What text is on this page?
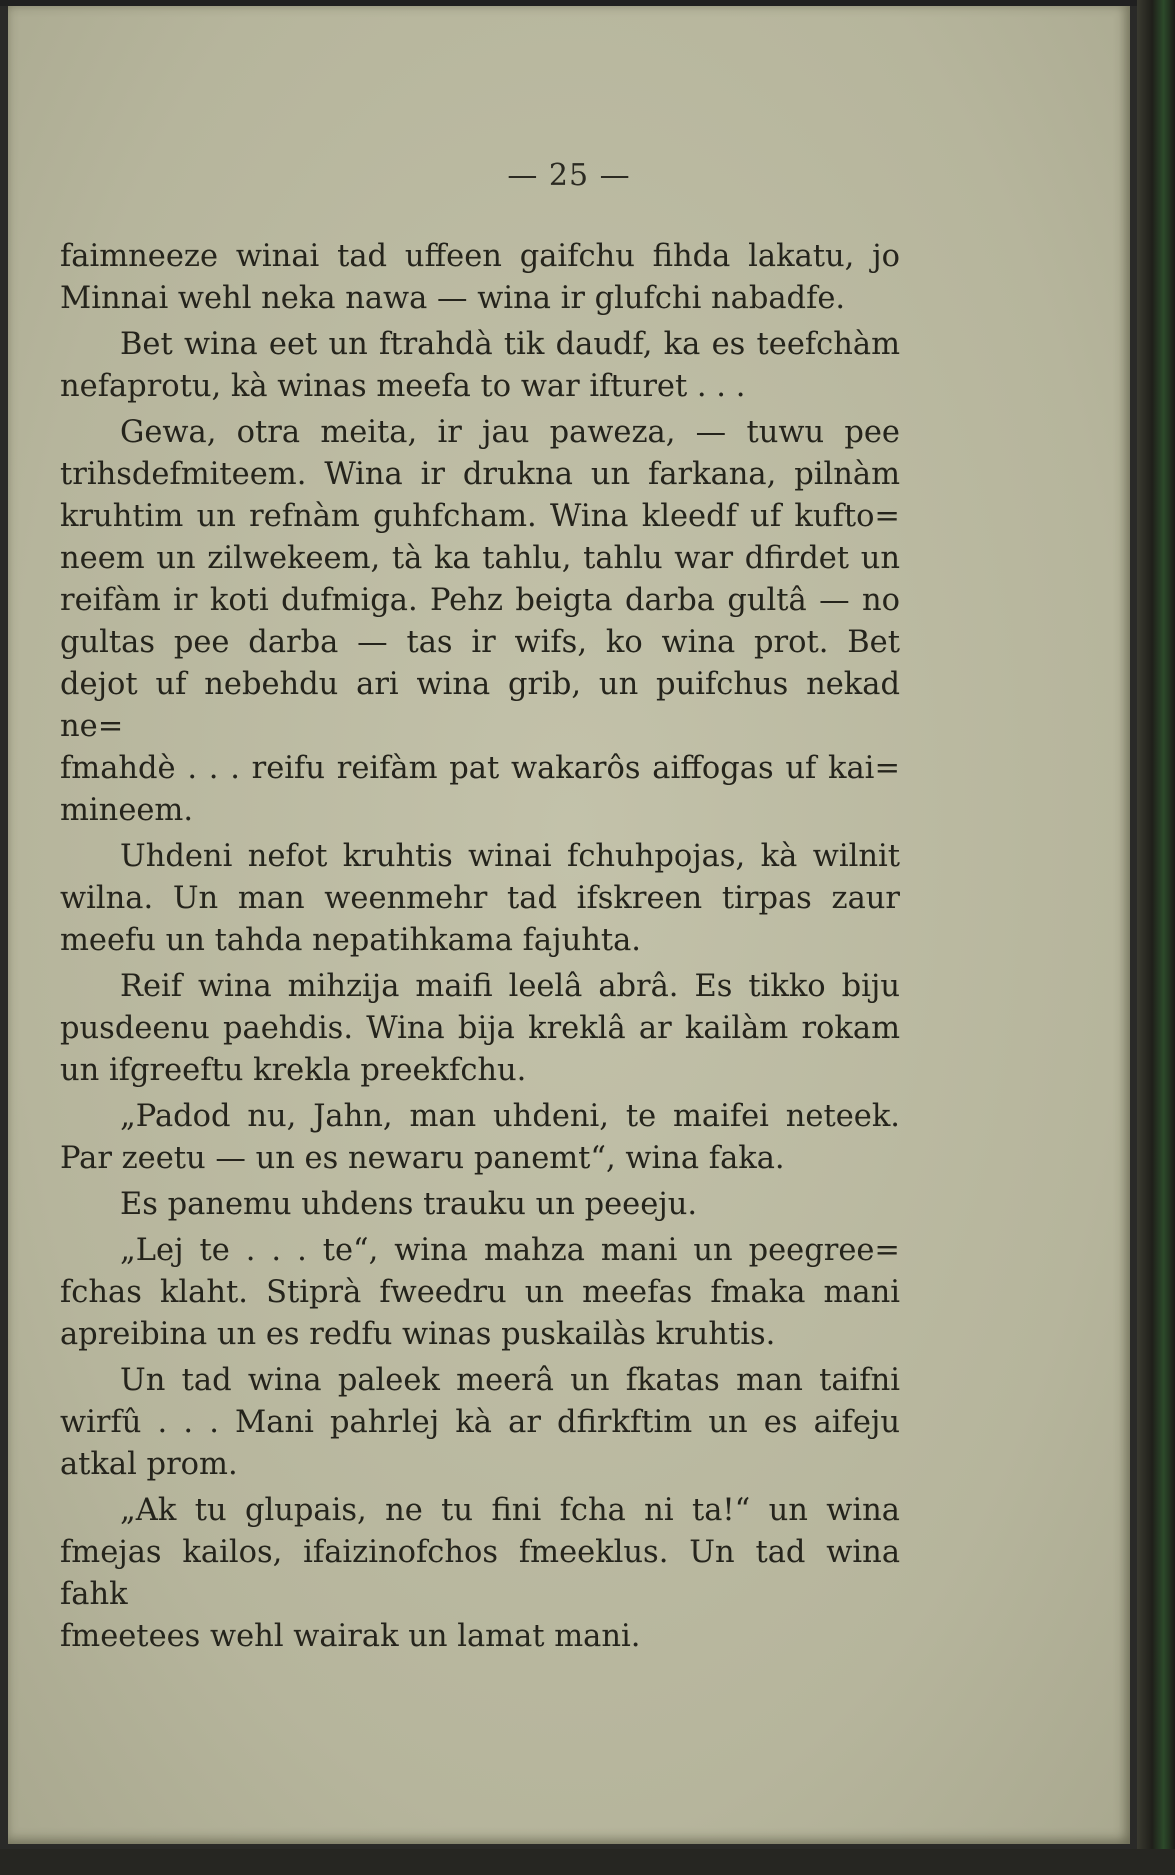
— 25 —
faimneeze winai tad uffeen gaifchu fihda lakatu, jo
Minnai wehl neka nawa — wina ir glufchi nabadfe.
Bet wina eet un ftrahdà tik daudf, ka es teefchàm
nefaprotu, kà winas meefa to war ifturet . . .
Gewa, otra meita, ir jau paweza, — tuwu pee
trihsdefmiteem. Wina ir drukna un farkana, pilnàm
kruhtim un refnàm guhfcham. Wina kleedf uf kufto=
neem un zilwekeem, tà ka tahlu, tahlu war dfirdet un
reifàm ir koti dufmiga. Pehz beigta darba gultâ — no
gultas pee darba — tas ir wifs, ko wina prot. Bet
dejot uf nebehdu ari wina grib, un puifchus nekad ne=
fmahdè . . . reifu reifàm pat wakarôs aiffogas uf kai=
mineem.
Uhdeni nefot kruhtis winai fchuhpojas, kà wilnit
wilna. Un man weenmehr tad ifskreen tirpas zaur
meefu un tahda nepatihkama fajuhta.
Reif wina mihzija maifi leelâ abrâ. Es tikko biju
pusdeenu paehdis. Wina bija kreklâ ar kailàm rokam
un ifgreeftu krekla preekfchu.
„Padod nu, Jahn, man uhdeni, te maifei neteek.
Par zeetu — un es newaru panemt“, wina faka.
Es panemu uhdens trauku un peeeju.
„Lej te . . . te“, wina mahza mani un peegree=
fchas klaht. Stiprà fweedru un meefas fmaka mani
apreibina un es redfu winas puskailàs kruhtis.
Un tad wina paleek meerâ un fkatas man taifni
wirfû . . . Mani pahrlej kà ar dfirkftim un es aifeju
atkal prom.
„Ak tu glupais, ne tu fini fcha ni ta!“ un wina
fmejas kailos, ifaizinofchos fmeeklus. Un tad wina fahk
fmeetees wehl wairak un lamat mani.
